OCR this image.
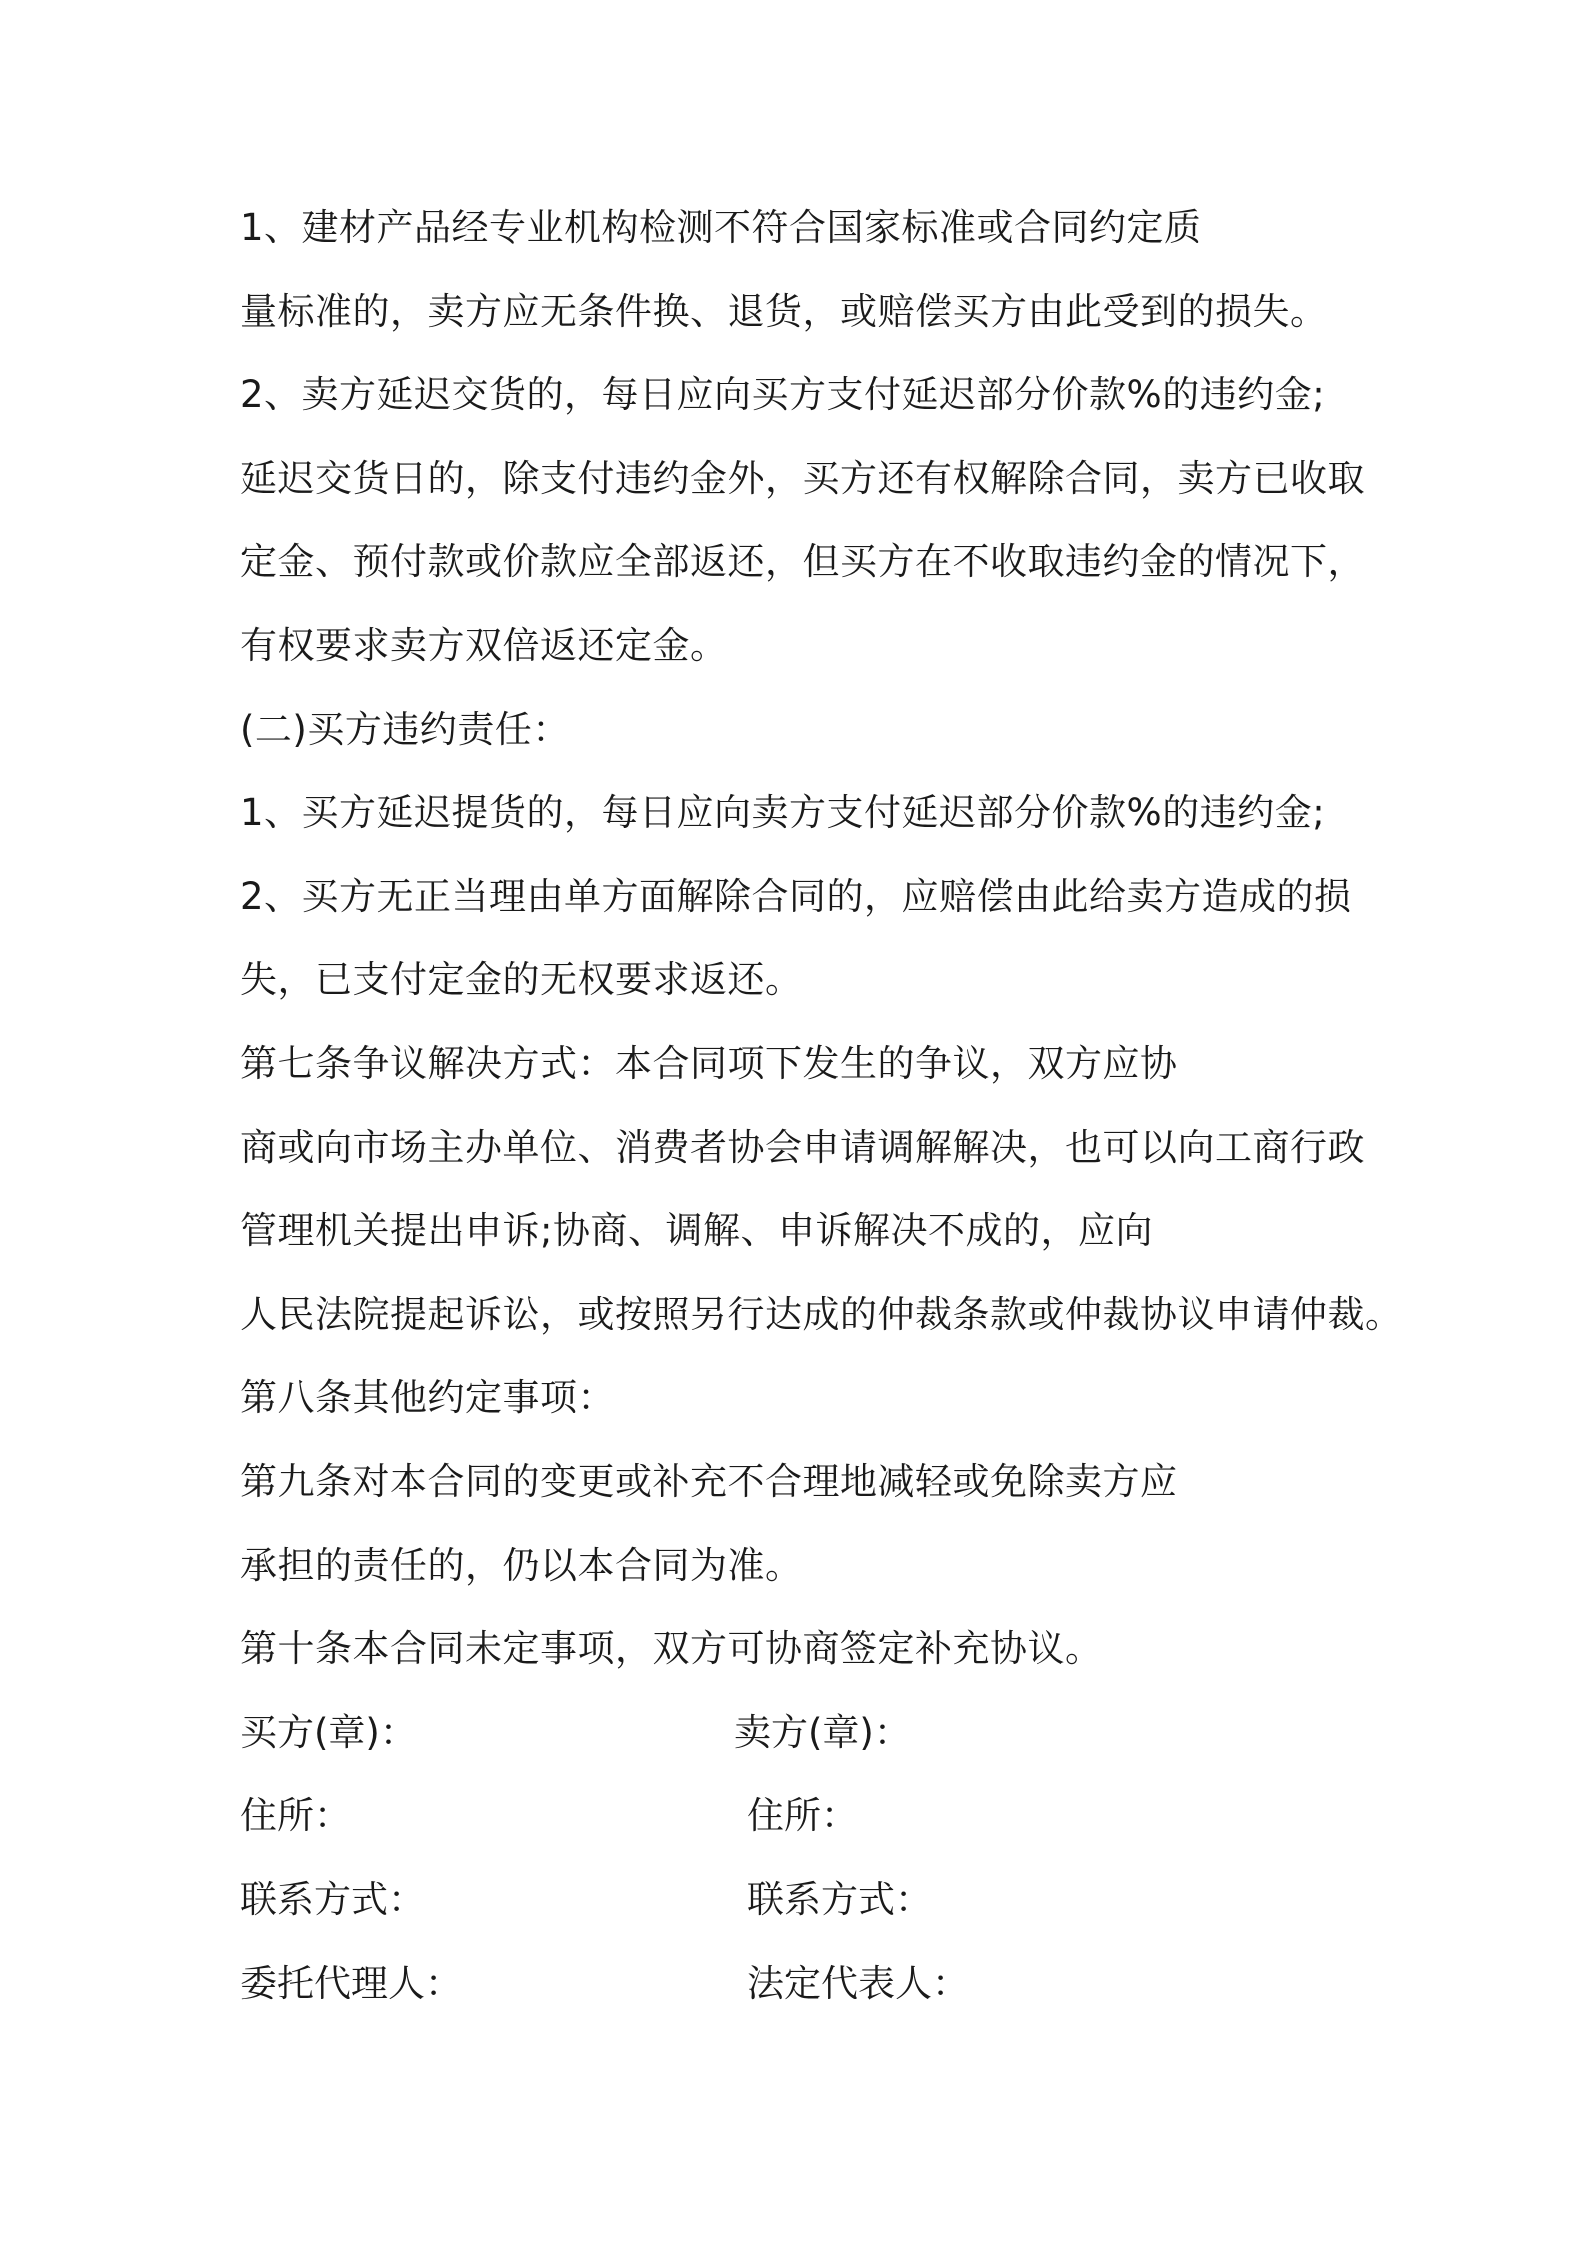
1、建材产品经专业机构检测不符合国家标准或合同约定质
量标准的，卖方应无条件换、退货，或赔偿买方由此受到的损失。
2、卖方延迟交货的，每日应向买方支付延迟部分价款%的违约金;
延迟交货日的，除支付违约金外，买方还有权解除合同，卖方已收取
定金、预付款或价款应全部返还，但买方在不收取违约金的情况下，
有权要求卖方双倍返还定金。
(二)买方违约责任：
1、买方延迟提货的，每日应向卖方支付延迟部分价款%的违约金;
2、买方无正当理由单方面解除合同的，应赔偿由此给卖方造成的损
失，已支付定金的无权要求返还。
第七条争议解决方式：本合同项下发生的争议，双方应协
商或向市场主办单位、消费者协会申请调解解决，也可以向工商行政
管理机关提出申诉;协商、调解、申诉解决不成的，应向
人民法院提起诉讼，或按照另行达成的仲裁条款或仲裁协议申请仲裁。
第八条其他约定事项：
第九条对本合同的变更或补充不合理地减轻或免除卖方应
承担的责任的，仍以本合同为准。
第十条本合同未定事项，双方可协商签定补充协议。
买方(章)：	卖方(章)：
住所：	住所：
联系方式：	联系方式：
委托代理人：	法定代表人：
